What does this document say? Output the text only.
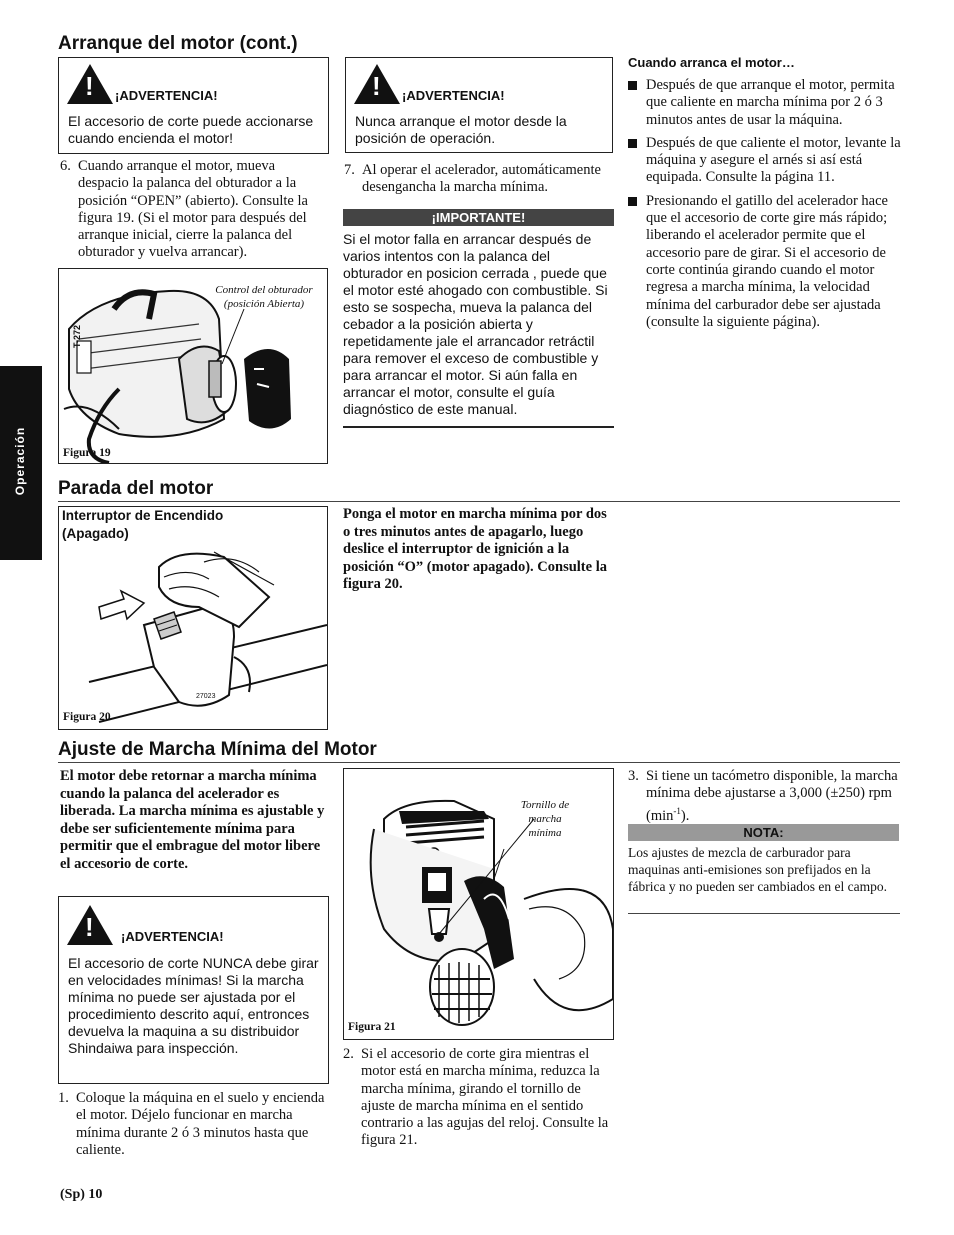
Operación
Arranque del motor (cont.)
! ¡ADVERTENCIA!
El accesorio de corte puede accionarse cuando encienda el motor!
6. Cuando arranque el motor, mueva despacio la palanca del obturador a la posición “OPEN” (abierto). Consulte la figura 19. (Si el motor para después del arranque inicial, cierre la palanca del obturador y vuelva arrancar).
T-272
Control del obturador (posición Abierta)
Figura 19
! ¡ADVERTENCIA!
Nunca arranque el motor desde la posición de operación.
7. Al operar el acelerador, automáticamente desengancha la marcha mínima.
¡IMPORTANTE!
Si el motor falla en arrancar después de varios intentos con la palanca del obturador en posicion cerrada , puede que el motor esté ahogado con combustible. Si esto se sospecha, mueva la palanca del cebador a la posición abierta y repetidamente jale el arrancador retráctil para remover el exceso de combustible y para arrancar el motor. Si aún falla en arrancar el motor, consulte el guía diagnóstico de este manual.
Cuando arranca el motor…
Después de que arranque el motor, permita que caliente en marcha mínima por 2 ó 3 minutos antes de usar la máquina.
Después de que caliente el motor, levante la máquina y asegure el arnés si así está equipada. Consulte la página 11.
Presionando el gatillo del acelerador hace que el accesorio de corte gire más rápido; liberando el acelerador permite que el accesorio pare de girar. Si el accesorio de corte continúa girando cuando el motor regresa a marcha mínima, la velocidad mínima del carburador debe ser ajustada (consulte la siguiente página).
Parada del motor
Interruptor de Encendido (Apagado)
27023
Figura 20
Ponga el motor en marcha mínima por dos o tres minutos antes de apagarlo, luego deslice el interruptor de ignición a la posición “O” (motor apagado). Consulte la figura 20.
Ajuste de Marcha Mínima del Motor
El motor debe retornar a marcha mínima cuando la palanca del acelerador es liberada. La marcha mínima es ajustable y debe ser suficientemente mínima para permitir que el embrague del motor libere el accesorio de corte.
! ¡ADVERTENCIA!
El accesorio de corte NUNCA debe girar en velocidades mínimas! Si la marcha mínima no puede ser ajustada por el procedimiento descrito aquí, entronces devuelva la maquina a su distribuidor Shindaiwa para inspección.
1. Coloque la máquina en el suelo y encienda el motor. Déjelo funcionar en marcha mínima durante 2 ó 3 minutos hasta que caliente.
Tornillo de marcha mínima
Figura 21
2. Si el accesorio de corte gira mientras el motor está en marcha mínima, reduzca la marcha mínima, girando el tornillo de ajuste de marcha mínima en el sentido contrario a las agujas del reloj. Consulte la figura 21.
3. Si tiene un tacómetro disponible, la marcha mínima debe ajustarse a 3,000 (±250) rpm $(\min^{-1})$.
NOTA:
Los ajustes de mezcla de carburador para maquinas anti-emisiones son prefijados en la fábrica y no pueden ser cambiados en el campo.
(Sp) 10
